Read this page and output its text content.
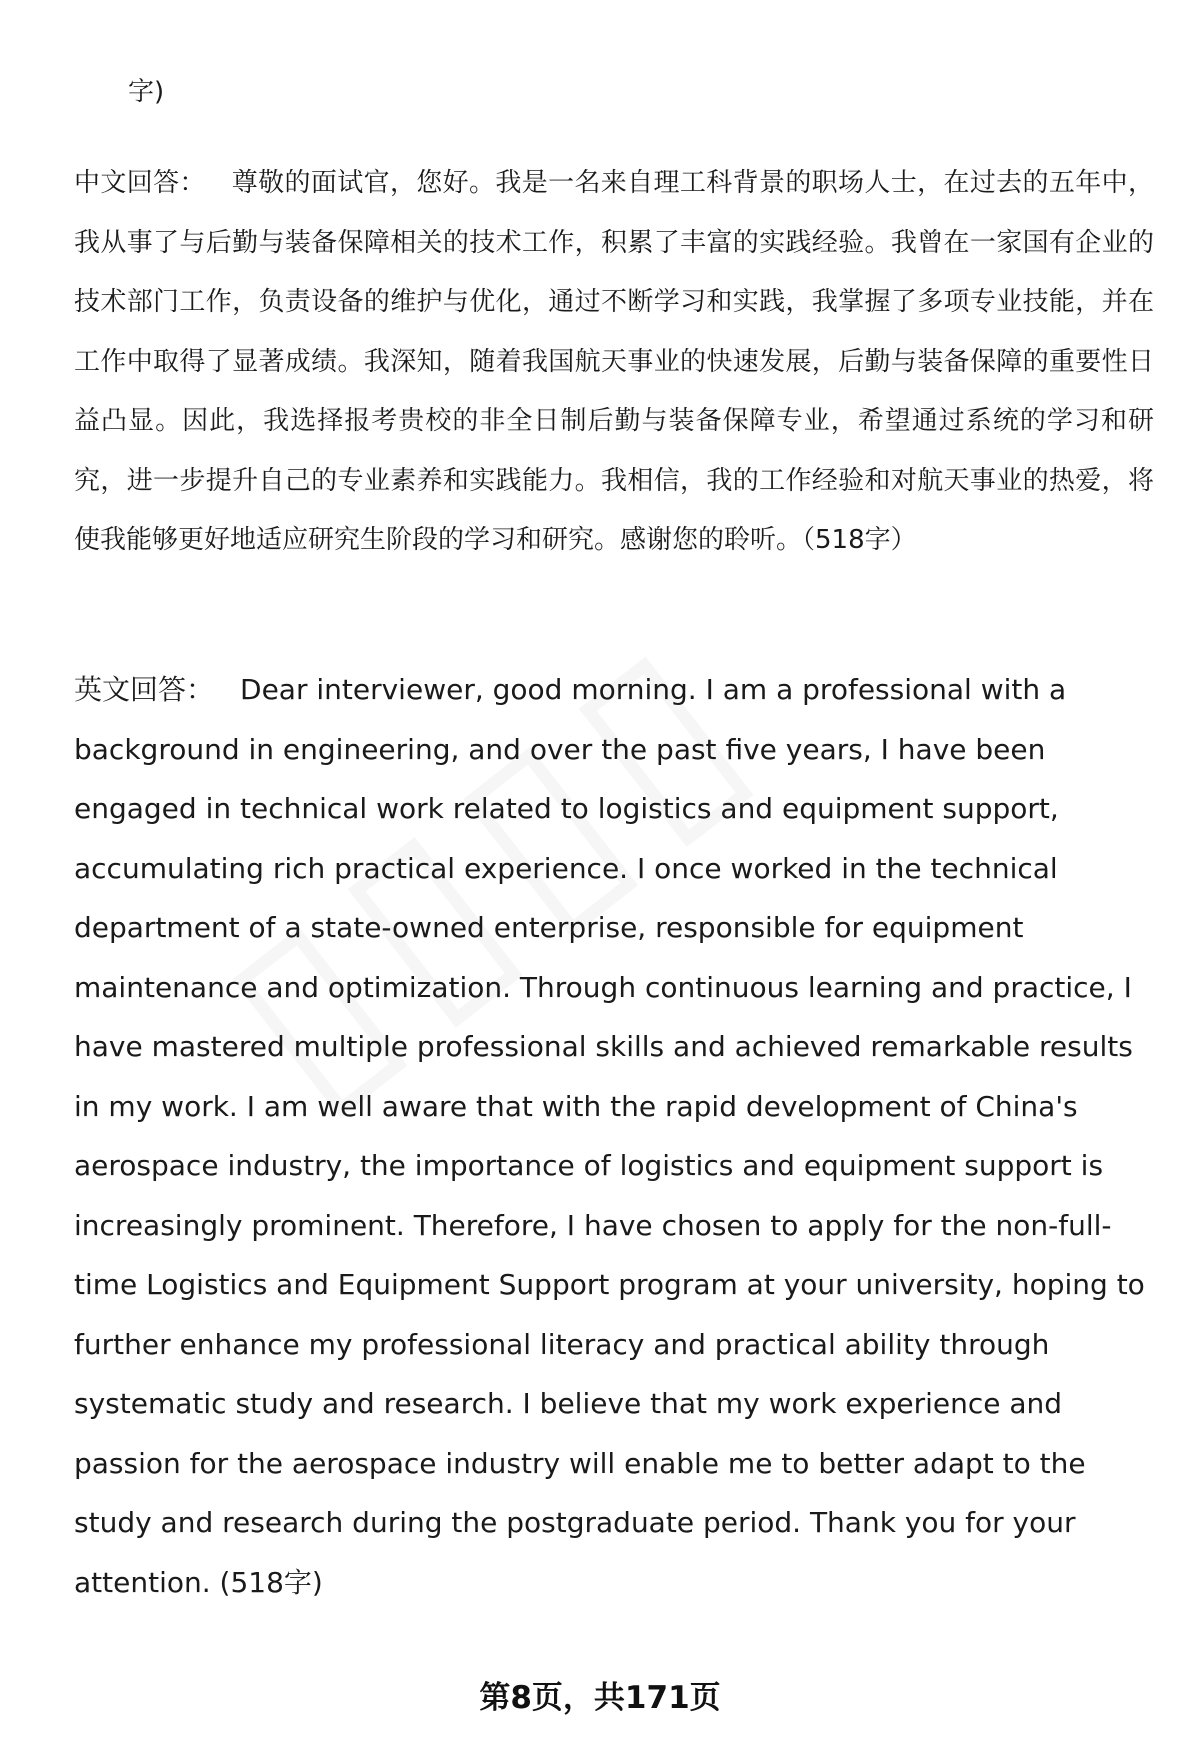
字)

中文回答： 尊敬的面试官，您好。我是一名来自理工科背景的职场人士，在过去的五年中，我从事了与后勤与装备保障相关的技术工作，积累了丰富的实践经验。我曾在一家国有企业的技术部门工作，负责设备的维护与优化，通过不断学习和实践，我掌握了多项专业技能，并在工作中取得了显著成绩。我深知，随着我国航天事业的快速发展，后勤与装备保障的重要性日益凸显。因此，我选择报考贵校的非全日制后勤与装备保障专业，希望通过系统的学习和研究，进一步提升自己的专业素养和实践能力。我相信，我的工作经验和对航天事业的热爱，将使我能够更好地适应研究生阶段的学习和研究。感谢您的聆听。（518字）

英文回答： Dear interviewer, good morning. I am a professional with a background in engineering, and over the past five years, I have been engaged in technical work related to logistics and equipment support, accumulating rich practical experience. I once worked in the technical department of a state-owned enterprise, responsible for equipment maintenance and optimization. Through continuous learning and practice, I have mastered multiple professional skills and achieved remarkable results in my work. I am well aware that with the rapid development of China's aerospace industry, the importance of logistics and equipment support is increasingly prominent. Therefore, I have chosen to apply for the non-full-time Logistics and Equipment Support program at your university, hoping to further enhance my professional literacy and practical ability through systematic study and research. I believe that my work experience and passion for the aerospace industry will enable me to better adapt to the study and research during the postgraduate period. Thank you for your attention. (518字)

第8页，共171页
